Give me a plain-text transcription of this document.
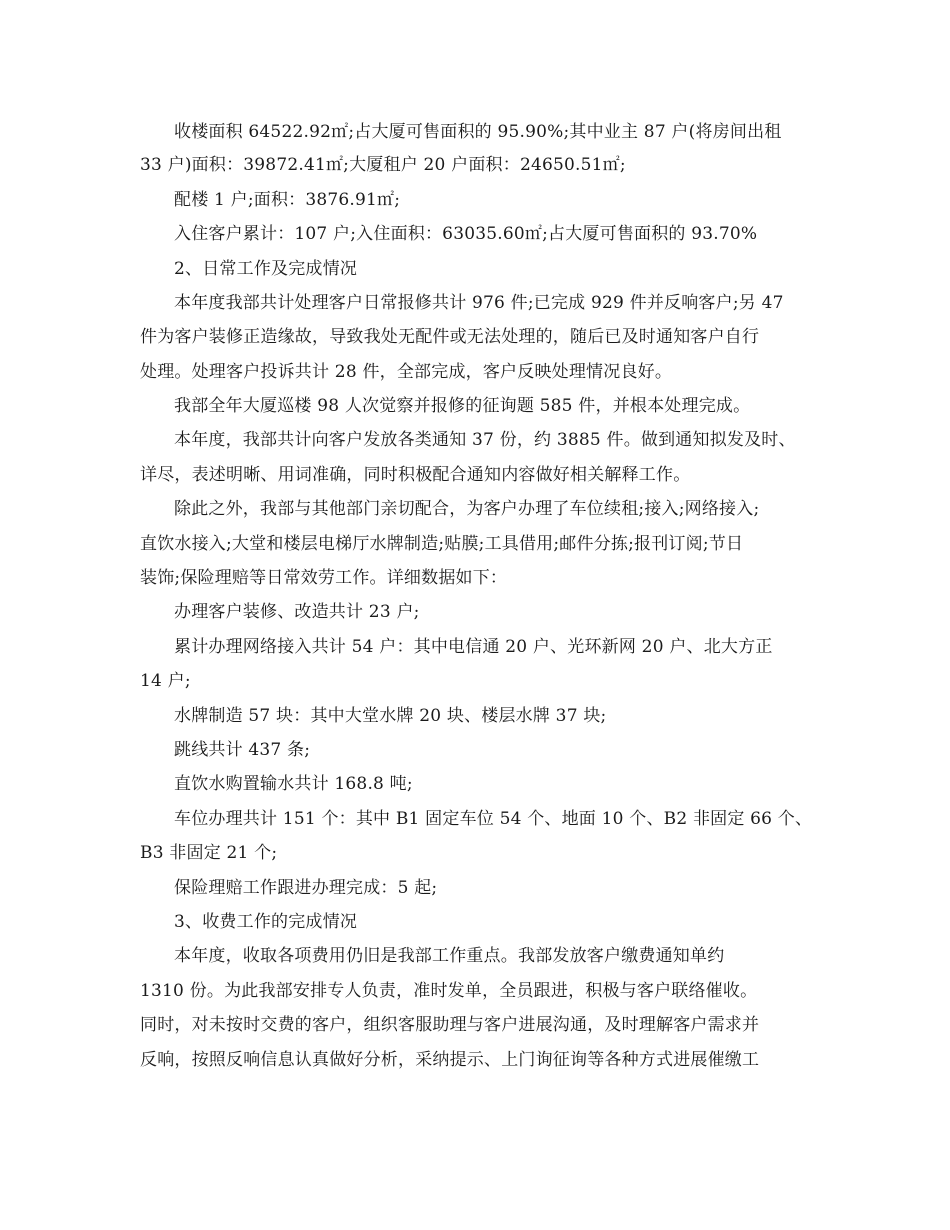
收楼面积 64522.92㎡;占大厦可售面积的 95.90%;其中业主 87 户(将房间出租
33 户)面积：39872.41㎡;大厦租户 20 户面积：24650.51㎡;
配楼 1 户;面积：3876.91㎡;
入住客户累计：107 户;入住面积：63035.60㎡;占大厦可售面积的 93.70%
2、日常工作及完成情况
本年度我部共计处理客户日常报修共计 976 件;已完成 929 件并反响客户;另 47
件为客户装修正造缘故，导致我处无配件或无法处理的，随后已及时通知客户自行
处理。处理客户投诉共计 28 件，全部完成，客户反映处理情况良好。
我部全年大厦巡楼 98 人次觉察并报修的征询题 585 件，并根本处理完成。
本年度，我部共计向客户发放各类通知 37 份，约 3885 件。做到通知拟发及时、
详尽，表述明晰、用词准确，同时积极配合通知内容做好相关解释工作。
除此之外，我部与其他部门亲切配合，为客户办理了车位续租;接入;网络接入;
直饮水接入;大堂和楼层电梯厅水牌制造;贴膜;工具借用;邮件分拣;报刊订阅;节日
装饰;保险理赔等日常效劳工作。详细数据如下：
办理客户装修、改造共计 23 户;
累计办理网络接入共计 54 户：其中电信通 20 户、光环新网 20 户、北大方正
14 户;
水牌制造 57 块：其中大堂水牌 20 块、楼层水牌 37 块;
跳线共计 437 条;
直饮水购置输水共计 168.8 吨;
车位办理共计 151 个：其中 B1 固定车位 54 个、地面 10 个、B2 非固定 66 个、
B3 非固定 21 个;
保险理赔工作跟进办理完成：5 起;
3、收费工作的完成情况
本年度，收取各项费用仍旧是我部工作重点。我部发放客户缴费通知单约
1310 份。为此我部安排专人负责，准时发单，全员跟进，积极与客户联络催收。
同时，对未按时交费的客户，组织客服助理与客户进展沟通，及时理解客户需求并
反响，按照反响信息认真做好分析，采纳提示、上门询征询等各种方式进展催缴工
